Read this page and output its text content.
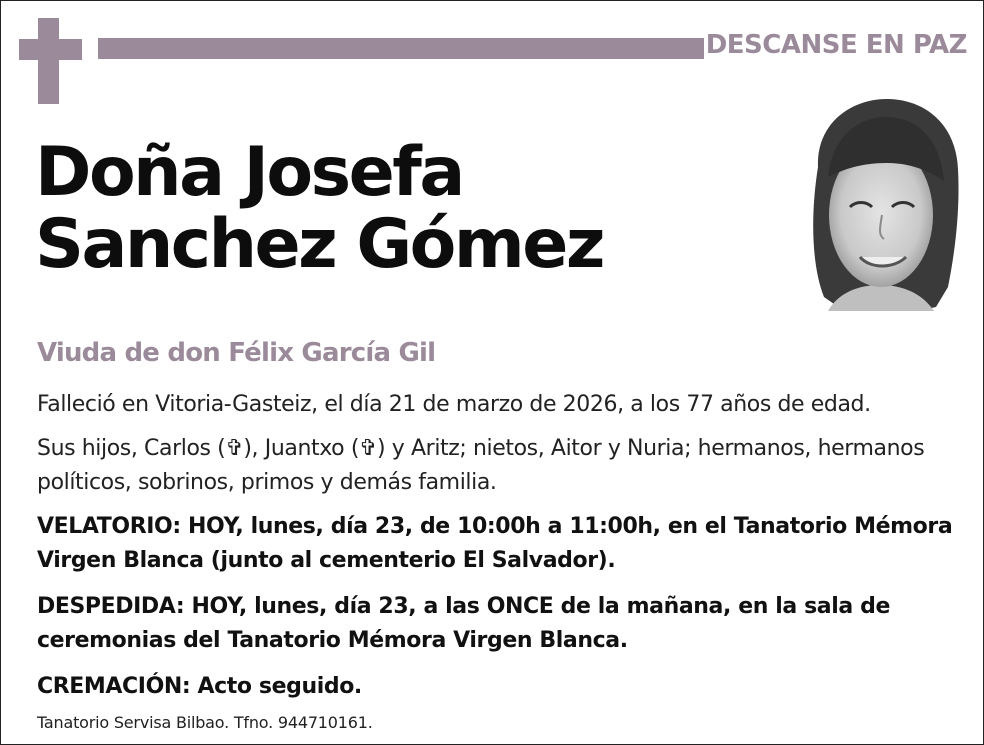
DESCANSE EN PAZ
Doña Josefa
Sanchez Gómez
Viuda de don Félix García Gil
Falleció en Vitoria-Gasteiz, el día 21 de marzo de 2026, a los 77 años de edad.
Sus hijos, Carlos (✞), Juantxo (✞) y Aritz; nietos, Aitor y Nuria; hermanos, hermanos políticos, sobrinos, primos y demás familia.
VELATORIO: HOY, lunes, día 23, de 10:00h a 11:00h, en el Tanatorio Mémora Virgen Blanca (junto al cementerio El Salvador).
DESPEDIDA: HOY, lunes, día 23, a las ONCE de la mañana, en la sala de ceremonias del Tanatorio Mémora Virgen Blanca.
CREMACIÓN: Acto seguido.
Tanatorio Servisa Bilbao. Tfno. 944710161.
